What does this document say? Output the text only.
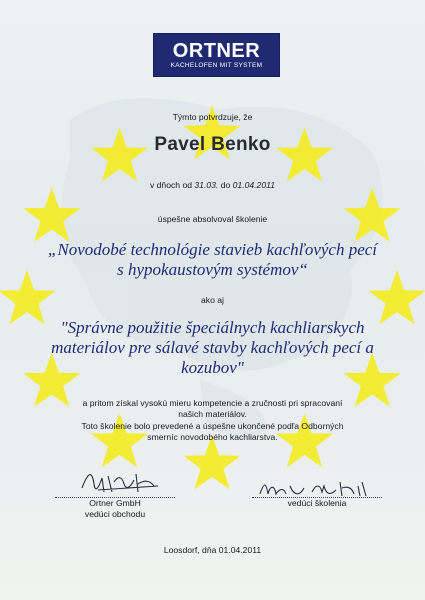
ORTNER
KACHELOFEN MIT SYSTEM
Týmto potvrdzuje, že
Pavel Benko
v dňoch od 31.03. do 01.04.2011
úspešne absolvoval školenie
„Novodobé technológie stavieb kachľových pecí
s hypokaustovým systémov“
ako aj
"Správne použitie špeciálnych kachliarskych
materiálov pre sálavé stavby kachľových pecí a
kozubov"
a pritom získal vysokú mieru kompetencie a zručnosti pri spracovaní
našich materiálov.
Toto školenie bolo prevedené a úspešne ukončené podľa Odborných
smerníc novodobého kachliarstva.
Ortner GmbH
vedúci obchodu
vedúci školenia
Loosdorf, dňa 01.04.2011
